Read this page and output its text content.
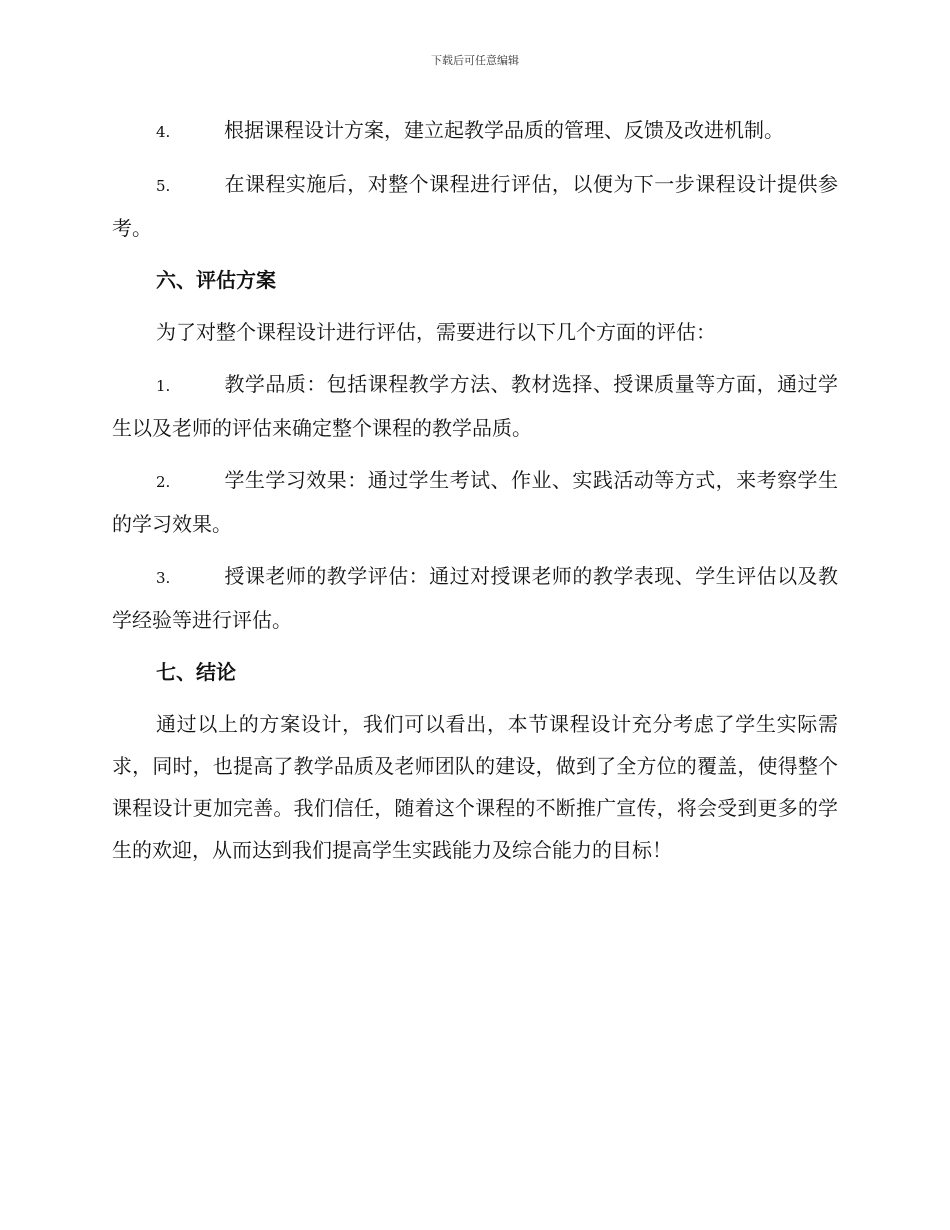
下载后可任意编辑

4.	根据课程设计方案，建立起教学品质的管理、反馈及改进机制。

5.	在课程实施后，对整个课程进行评估，以便为下一步课程设计提供参考。

六、评估方案

为了对整个课程设计进行评估，需要进行以下几个方面的评估：

1.	教学品质：包括课程教学方法、教材选择、授课质量等方面，通过学生以及老师的评估来确定整个课程的教学品质。

2.	学生学习效果：通过学生考试、作业、实践活动等方式，来考察学生的学习效果。

3.	授课老师的教学评估：通过对授课老师的教学表现、学生评估以及教学经验等进行评估。

七、结论

通过以上的方案设计，我们可以看出，本节课程设计充分考虑了学生实际需求，同时，也提高了教学品质及老师团队的建设，做到了全方位的覆盖，使得整个课程设计更加完善。我们信任，随着这个课程的不断推广宣传，将会受到更多的学生的欢迎，从而达到我们提高学生实践能力及综合能力的目标！
